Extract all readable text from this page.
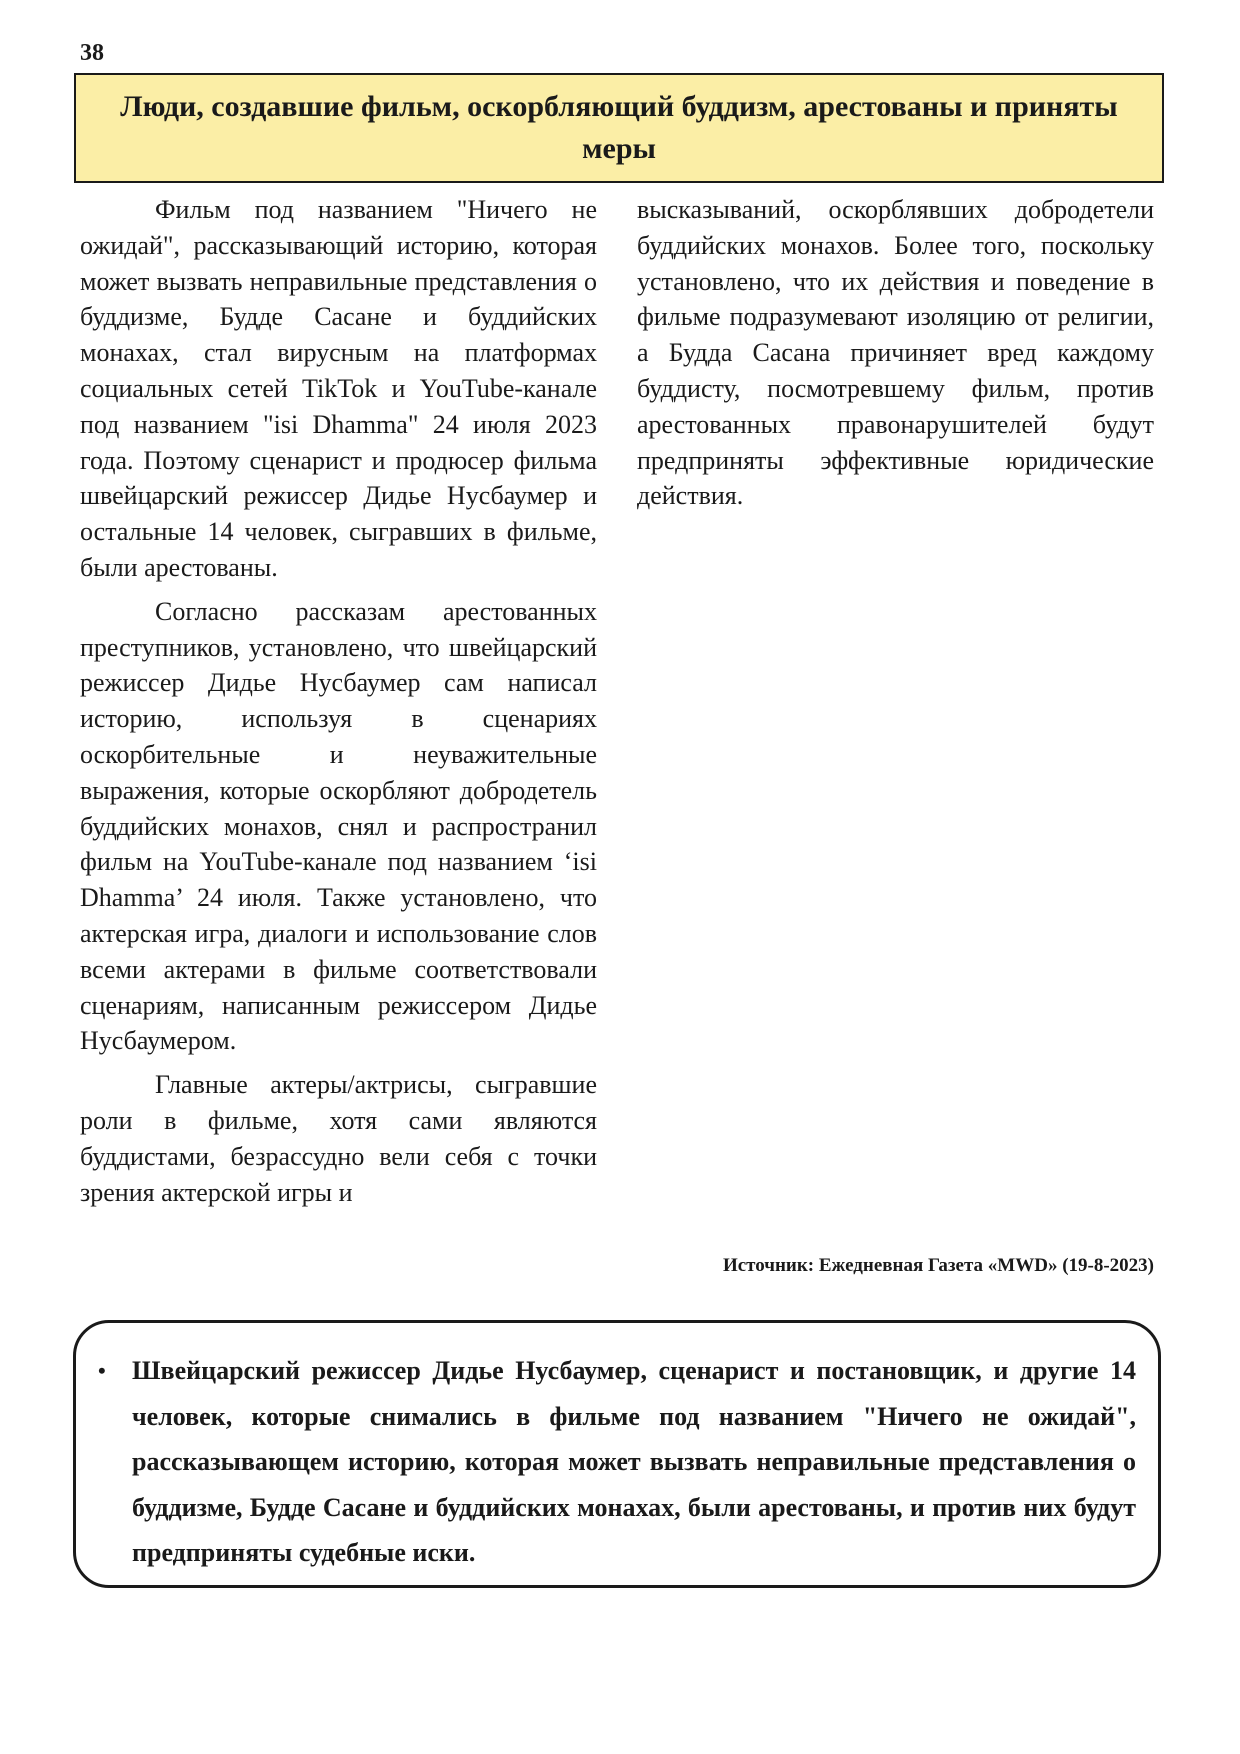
38
Люди, создавшие фильм, оскорбляющий буддизм, арестованы и приняты меры

Фильм под названием "Ничего не ожидай", рассказывающий историю, которая может вызвать неправильные представления о буддизме, Будде Сасане и буддийских монахах, стал вирусным на платформах социальных сетей TikTok и YouTube-канале под названием "isi Dhamma" 24 июля 2023 года. Поэтому сценарист и продюсер фильма швейцарский режиссер Дидье Нусбаумер и остальные 14 человек, сыгравших в фильме, были арестованы.

Согласно рассказам арестованных преступников, установлено, что швейцарский режиссер Дидье Нусбаумер сам написал историю, используя в сценариях оскорбительные и неуважительные выражения, которые оскорбляют добродетель буддийских монахов, снял и распространил фильм на YouTube-канале под названием ‘isi Dhamma’ 24 июля. Также установлено, что актерская игра, диалоги и использование слов всеми актерами в фильме соответствовали сценариям, написанным режиссером Дидье Нусбаумером.

Главные актеры/актрисы, сыгравшие роли в фильме, хотя сами являются буддистами, безрассудно вели себя с точки зрения актерской игры и

высказываний, оскорблявших добродетели буддийских монахов. Более того, поскольку установлено, что их действия и поведение в фильме подразумевают изоляцию от религии, а Будда Сасана причиняет вред каждому буддисту, посмотревшему фильм, против арестованных правонарушителей будут предприняты эффективные юридические действия.

Источник: Ежедневная Газета «MWD» (19-8-2023)
• Швейцарский режиссер Дидье Нусбаумер, сценарист и постановщик, и другие 14 человек, которые снимались в фильме под названием "Ничего не ожидай", рассказывающем историю, которая может вызвать неправильные представления о буддизме, Будде Сасане и буддийских монахах, были арестованы, и против них будут предприняты судебные иски.
